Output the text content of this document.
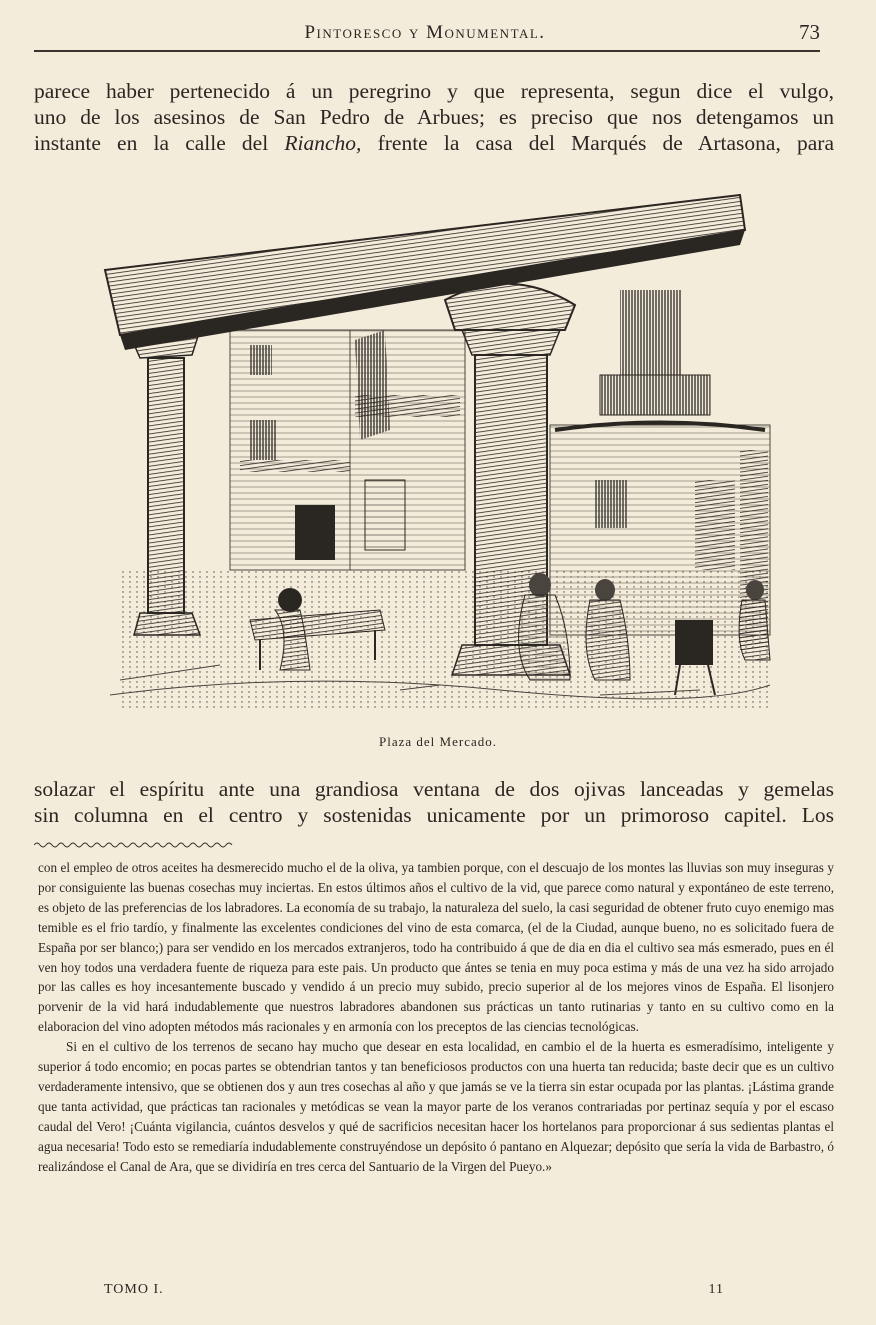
Pintoresco y Monumental.	73
parece haber pertenecido á un peregrino y que representa, segun dice el vulgo,
uno de los asesinos de San Pedro de Arbues; es preciso que nos detengamos un
instante en la calle del Riancho, frente la casa del Marqués de Artasona, para
Plaza del Mercado.
solazar el espíritu ante una grandiosa ventana de dos ojivas lanceadas y gemelas
sin columna en el centro y sostenidas unicamente por un primoroso capitel. Los

con el empleo de otros aceites ha desmerecido mucho el de la oliva, ya tambien porque, con el descuajo de los montes las lluvias son muy inseguras y por consiguiente las buenas cosechas muy inciertas. En estos últimos años el cultivo de la vid, que parece como natural y expontáneo de este terreno, es objeto de las preferencias de los labradores. La economía de su trabajo, la naturaleza del suelo, la casi seguridad de obtener fruto cuyo enemigo mas temible es el frio tardío, y finalmente las excelentes condiciones del vino de esta comarca, (el de la Ciudad, aunque bueno, no es solicitado fuera de España por ser blanco;) para ser vendido en los mercados extranjeros, todo ha contribuido á que de dia en dia el cultivo sea más esmerado, pues en él ven hoy todos una verdadera fuente de riqueza para este pais. Un producto que ántes se tenia en muy poca estima y más de una vez ha sido arrojado por las calles es hoy incesantemente buscado y vendido á un precio muy subido, precio superior al de los mejores vinos de España. El lisonjero porvenir de la vid hará indudablemente que nuestros labradores abandonen sus prácticas un tanto rutinarias y tanto en su cultivo como en la elaboracion del vino adopten métodos más racionales y en armonía con los preceptos de las ciencias tecnológicas.

Si en el cultivo de los terrenos de secano hay mucho que desear en esta localidad, en cambio el de la huerta es esmeradísimo, inteligente y superior á todo encomio; en pocas partes se obtendrian tantos y tan beneficiosos productos con una huerta tan reducida; baste decir que es un cultivo verdaderamente intensivo, que se obtienen dos y aun tres cosechas al año y que jamás se ve la tierra sin estar ocupada por las plantas. ¡Lástima grande que tanta actividad, que prácticas tan racionales y metódicas se vean la mayor parte de los veranos contrariadas por pertinaz sequía y por el escaso caudal del Vero! ¡Cuánta vigilancia, cuántos desvelos y qué de sacrificios necesitan hacer los hortelanos para proporcionar á sus sedientas plantas el agua necesaria! Todo esto se remediaría indudablemente construyéndose un depósito ó pantano en Alquezar; depósito que sería la vida de Barbastro, ó realizándose el Canal de Ara, que se dividiría en tres cerca del Santuario de la Virgen del Pueyo.»

TOMO I.	11
